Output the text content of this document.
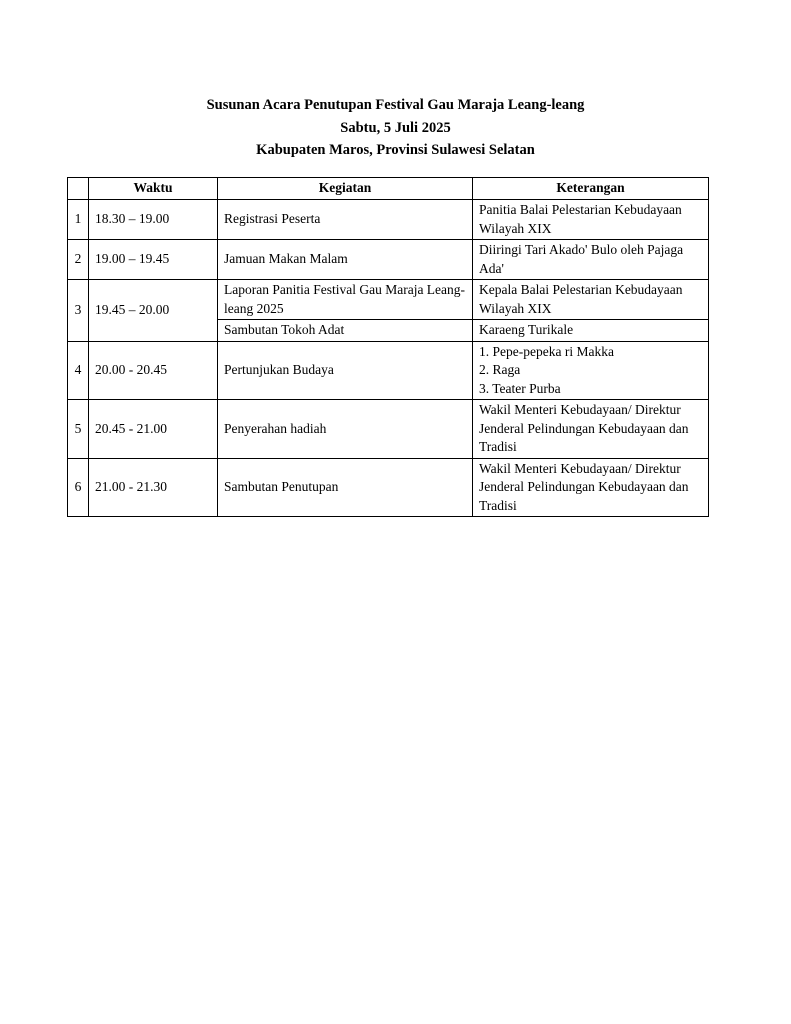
Susunan Acara Penutupan Festival Gau Maraja Leang-leang
Sabtu, 5 Juli 2025
Kabupaten Maros, Provinsi Sulawesi Selatan
	Waktu	Kegiatan	Keterangan
1	18.30 – 19.00	Registrasi Peserta	Panitia Balai Pelestarian Kebudayaan Wilayah XIX
2	19.00 – 19.45	Jamuan Makan Malam	Diiringi Tari Akado' Bulo oleh Pajaga Ada'
3	19.45 – 20.00	Laporan Panitia Festival Gau Maraja Leang-leang 2025	Kepala Balai Pelestarian Kebudayaan Wilayah XIX
		Sambutan Tokoh Adat	Karaeng Turikale
4	20.00 - 20.45	Pertunjukan Budaya	1. Pepe-pepeka ri Makka
2. Raga
3. Teater Purba

5	20.45 - 21.00	Penyerahan hadiah	Wakil Menteri Kebudayaan/ Direktur Jenderal Pelindungan Kebudayaan dan Tradisi
6	21.00 - 21.30	Sambutan Penutupan	Wakil Menteri Kebudayaan/ Direktur Jenderal Pelindungan Kebudayaan dan Tradisi
